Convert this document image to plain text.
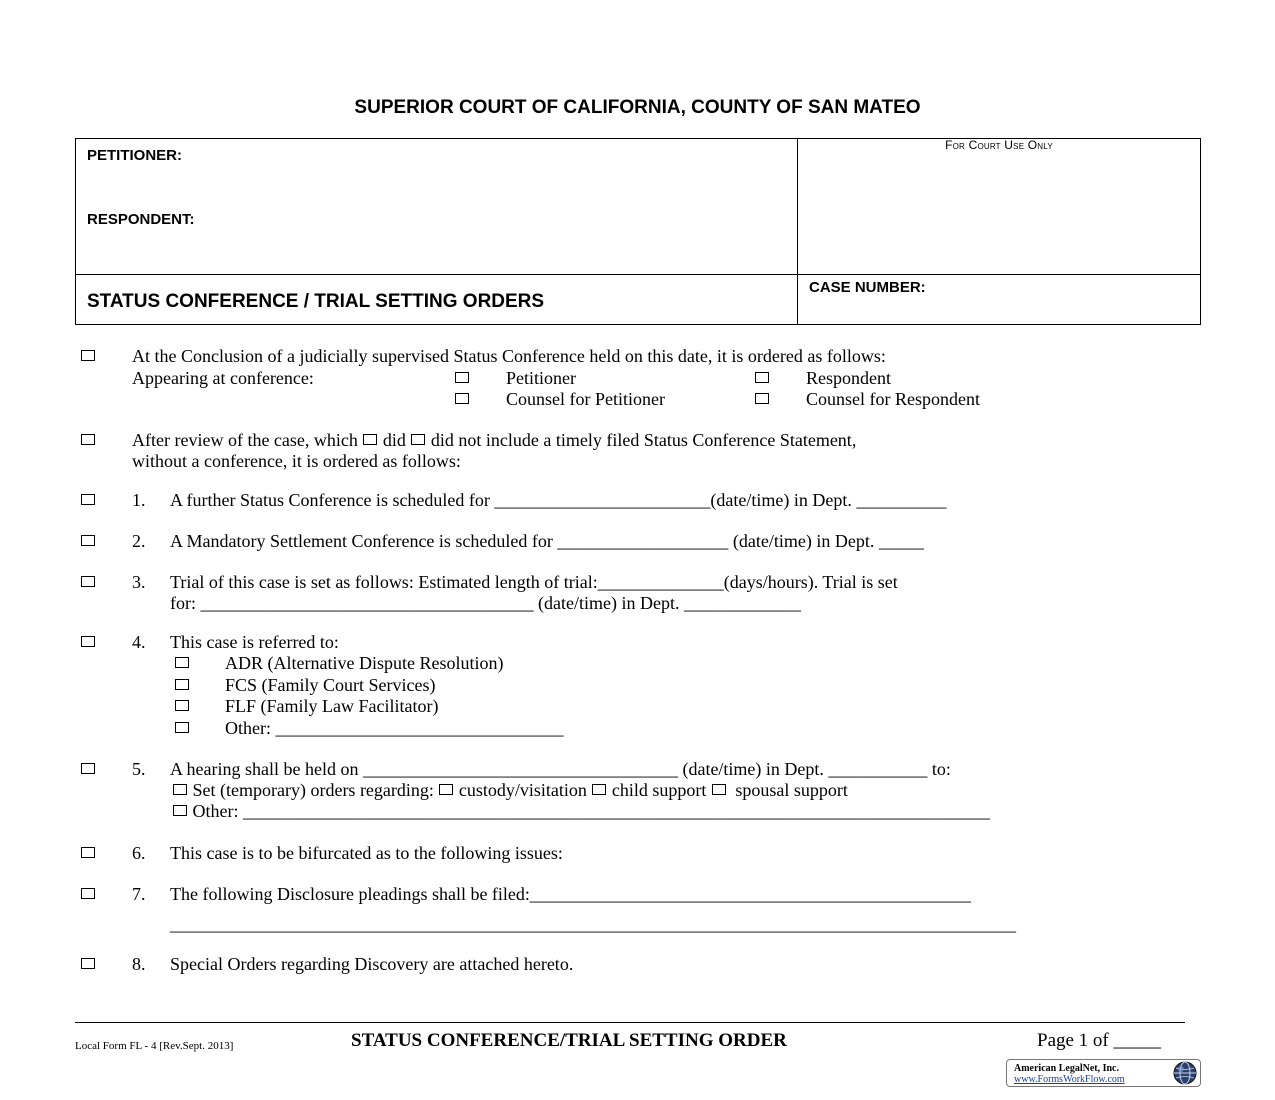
SUPERIOR COURT OF CALIFORNIA, COUNTY OF SAN MATEO
PETITIONER:
RESPONDENT:
For Court Use Only
STATUS CONFERENCE / TRIAL SETTING ORDERS
CASE NUMBER:
At the Conclusion of a judicially supervised Status Conference held on this date, it is ordered as follows:
Appearing at conference:	Petitioner	Respondent
Counsel for Petitioner	Counsel for Respondent
After review of the case, which did did not include a timely filed Status Conference Statement,
without a conference, it is ordered as follows:
1. A further Status Conference is scheduled for ________________________(date/time) in Dept. __________
2. A Mandatory Settlement Conference is scheduled for ___________________ (date/time) in Dept. _____
3. Trial of this case is set as follows: Estimated length of trial:______________(days/hours). Trial is set
for: _____________________________________ (date/time) in Dept. _____________
4. This case is referred to:
ADR (Alternative Dispute Resolution)
FCS (Family Court Services)
FLF (Family Law Facilitator)
Other: ________________________________
5. A hearing shall be held on ___________________________________ (date/time) in Dept. ___________ to:
Set (temporary) orders regarding: custody/visitation child support spousal support
Other: ___________________________________________________________________________________
6. This case is to be bifurcated as to the following issues:
7. The following Disclosure pleadings shall be filed:_________________________________________________
______________________________________________________________________________________________
8. Special Orders regarding Discovery are attached hereto.
Local Form FL - 4 [Rev.Sept. 2013]	STATUS CONFERENCE/TRIAL SETTING ORDER	Page 1 of _____
American LegalNet, Inc.
www.FormsWorkFlow.com
